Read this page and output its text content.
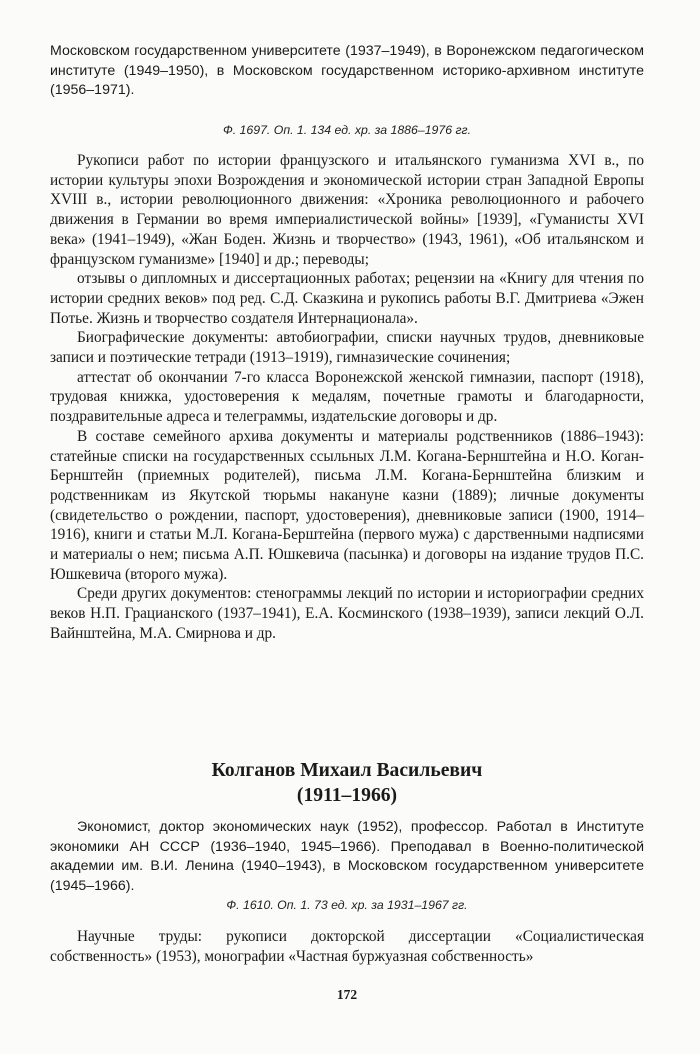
Московском государственном университете (1937–1949), в Воронежском педагогическом институте (1949–1950), в Московском государственном историко-архивном институте (1956–1971).

Ф. 1697. Оп. 1. 134 ед. хр. за 1886–1976 гг.

Рукописи работ по истории французского и итальянского гуманизма XVI в., по истории культуры эпохи Возрождения и экономической истории стран Западной Европы XVIII в., истории революционного движения: «Хроника революционного и рабочего движения в Германии во время империалистической войны» [1939], «Гуманисты XVI века» (1941–1949), «Жан Боден. Жизнь и творчество» (1943, 1961), «Об итальянском и французском гуманизме» [1940] и др.; переводы;

отзывы о дипломных и диссертационных работах; рецензии на «Книгу для чтения по истории средних веков» под ред. С.Д. Сказкина и рукопись работы В.Г. Дмитриева «Эжен Потье. Жизнь и творчество создателя Интернационала».

Биографические документы: автобиографии, списки научных трудов, дневниковые записи и поэтические тетради (1913–1919), гимназические сочинения;

аттестат об окончании 7-го класса Воронежской женской гимназии, паспорт (1918), трудовая книжка, удостоверения к медалям, почетные грамоты и благодарности, поздравительные адреса и телеграммы, издательские договоры и др.

В составе семейного архива документы и материалы родственников (1886–1943): статейные списки на государственных ссыльных Л.М. Когана-Бернштейна и Н.О. Коган-Бернштейн (приемных родителей), письма Л.М. Когана-Бернштейна близким и родственникам из Якутской тюрьмы накануне казни (1889); личные документы (свидетельство о рождении, паспорт, удостоверения), дневниковые записи (1900, 1914–1916), книги и статьи М.Л. Когана-Берштейна (первого мужа) с дарственными надписями и материалы о нем; письма А.П. Юшкевича (пасынка) и договоры на издание трудов П.С. Юшкевича (второго мужа).

Среди других документов: стенограммы лекций по истории и историографии средних веков Н.П. Грацианского (1937–1941), Е.А. Косминского (1938–1939), записи лекций О.Л. Вайнштейна, М.А. Смирнова и др.

Колганов Михаил Васильевич
(1911–1966)

Экономист, доктор экономических наук (1952), профессор. Работал в Институте экономики АН СССР (1936–1940, 1945–1966). Преподавал в Военно-политической академии им. В.И. Ленина (1940–1943), в Московском государственном университете (1945–1966).

Ф. 1610. Оп. 1. 73 ед. хр. за 1931–1967 гг.

Научные труды: рукописи докторской диссертации «Социалистическая собственность» (1953), монографии «Частная буржуазная собственность»

172
